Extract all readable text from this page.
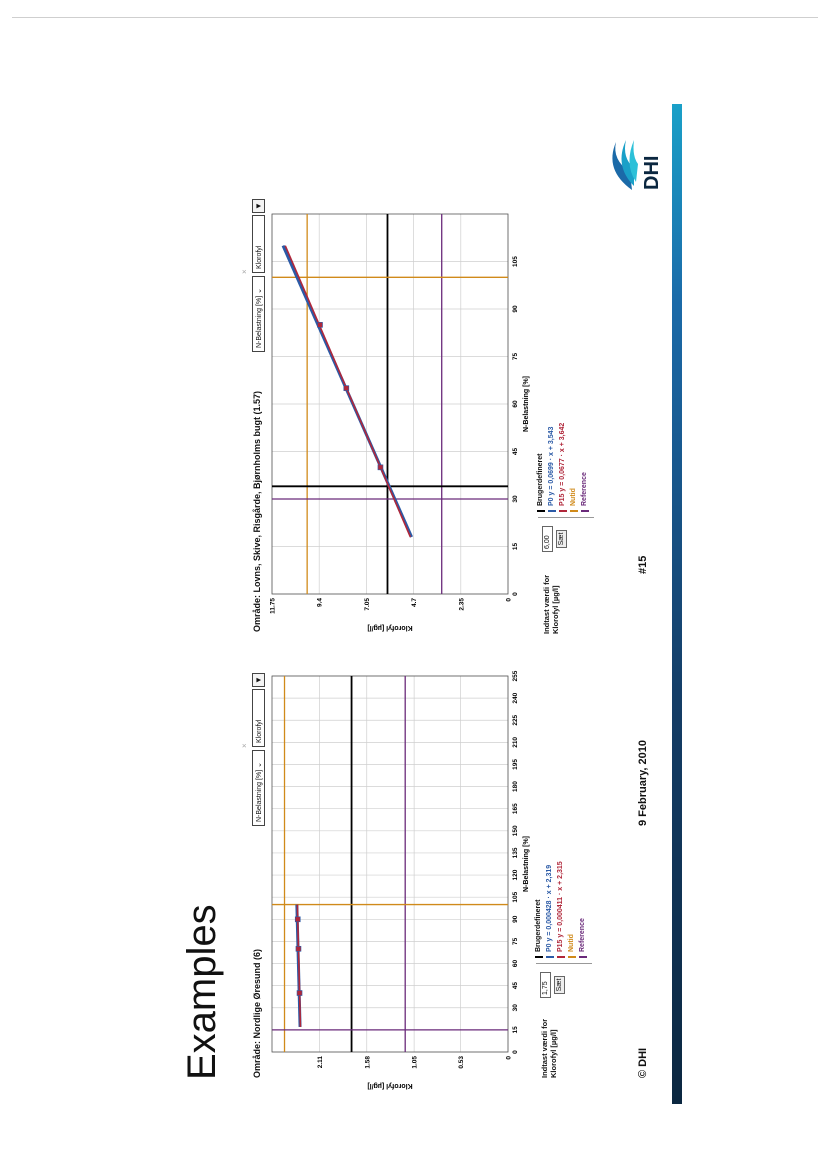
Examples	Område: Nordlige Øresund (6)
×
N-Belastning [%] ⌄
Klorofyl
▼
0
15
30
45
60
75
90
105
120
135
150
165
180
195
210
225
240
255
0
0.53
1.05
1.58
2.11
N-Belastning [%]
Klorofyl [µg/l]
Indtast værdi for Klorofyl [µg/l]
1,75 Sæt
Brugerdefineret P0 y = 0,000428 · x + 2,319 P15 y = 0,000411 · x + 2,315 Nutid Reference
Område: Lovns, Skive, Risgårde, Bjørnholms bugt (1.57)
×
N-Belastning [%] ⌄
Klorofyl
▼
0
15
30
45
60
75
90
105
0
2.35
4.7
7.05
9.4
11.75
N-Belastning [%]
Klorofyl [µg/l]	Indtast værdi for Klorofyl [µg/l]
6,00 Sæt
Brugerdefineret P0 y = 0,0699 · x + 3,543 P15 y = 0,0677 · x + 3,642 Nutid Reference
© DHI
9 February, 2010
#15
DHI
